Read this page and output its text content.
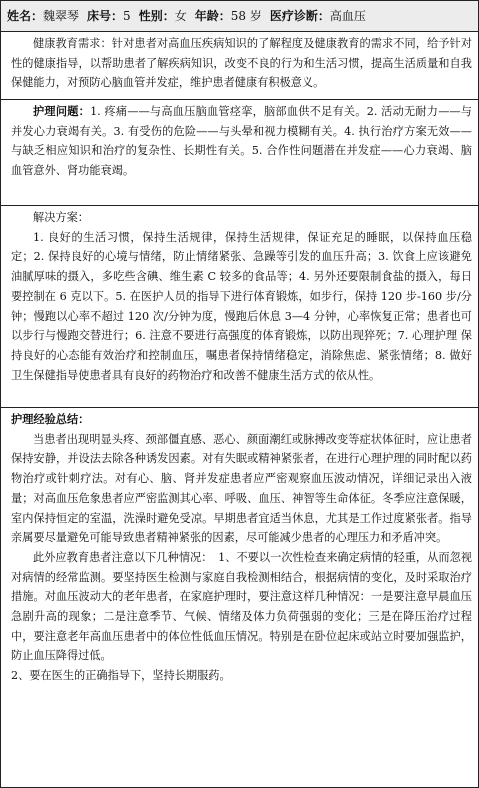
姓名：魏翠琴 床号：5 性别：女 年龄：58 岁 医疗诊断：高血压

健康教育需求：针对患者对高血压疾病知识的了解程度及健康教育的需求不同，给予针对性的健康指导，以帮助患者了解疾病知识，改变不良的行为和生活习惯，提高生活质量和自我保健能力，对预防心脑血管并发症，维护患者健康有积极意义。

护理问题：1. 疼痛——与高血压脑血管痉挛，脑部血供不足有关。2. 活动无耐力——与并发心力衰竭有关。3. 有受伤的危险——与头晕和视力模糊有关。4. 执行治疗方案无效——与缺乏相应知识和治疗的复杂性、长期性有关。5. 合作性问题潜在并发症——心力衰竭、脑血管意外、肾功能衰竭。

解决方案：

1. 良好的生活习惯，保持生活规律，保持生活规律，保证充足的睡眠，以保持血压稳定；2. 保持良好的心境与情绪，防止情绪紧张、急躁等引发的血压升高；3. 饮食上应该避免油腻厚味的摄入，多吃些含碘、维生素 C 较多的食品等；4. 另外还要限制食盐的摄入，每日要控制在 6 克以下。5. 在医护人员的指导下进行体育锻炼，如步行，保持 120 步-160 步/分钟；慢跑以心率不超过 120 次/分钟为度，慢跑后休息 3—4 分钟，心率恢复正常；患者也可以步行与慢跑交替进行；6. 注意不要进行高强度的体育锻炼，以防出现猝死；7. 心理护理 保持良好的心态能有效治疗和控制血压，嘱患者保持情绪稳定，消除焦虑、紧张情绪；8. 做好卫生保健指导使患者具有良好的药物治疗和改善不健康生活方式的依从性。

护理经验总结：

当患者出现明显头疼、颈部僵直感、恶心、颜面潮红或脉搏改变等症状体征时，应让患者保持安静，并设法去除各种诱发因素。对有失眠或精神紧张者，在进行心理护理的同时配以药物治疗或针刺疗法。对有心、脑、肾并发症患者应严密观察血压波动情况，详细记录出入液量；对高血压危象患者应严密监测其心率、呼吸、血压、神智等生命体征。冬季应注意保暖，室内保持恒定的室温，洗澡时避免受凉。早期患者宜适当休息，尤其是工作过度紧张者。指导亲属要尽量避免可能导致患者精神紧张的因素，尽可能减少患者的心理压力和矛盾冲突。

此外应教育患者注意以下几种情况：　1、不要以一次性检查来确定病情的轻重，从而忽视对病情的经常监测。要坚持医生检测与家庭自我检测相结合，根据病情的变化，及时采取治疗措施。对血压波动大的老年患者，在家庭护理时，要注意这样几种情况：一是要注意早晨血压急剧升高的现象；二是注意季节、气候、情绪及体力负荷强弱的变化；三是在降压治疗过程中，要注意老年高血压患者中的体位性低血压情况。特别是在卧位起床或站立时要加强监护，防止血压降得过低。

2、要在医生的正确指导下，坚持长期服药。
